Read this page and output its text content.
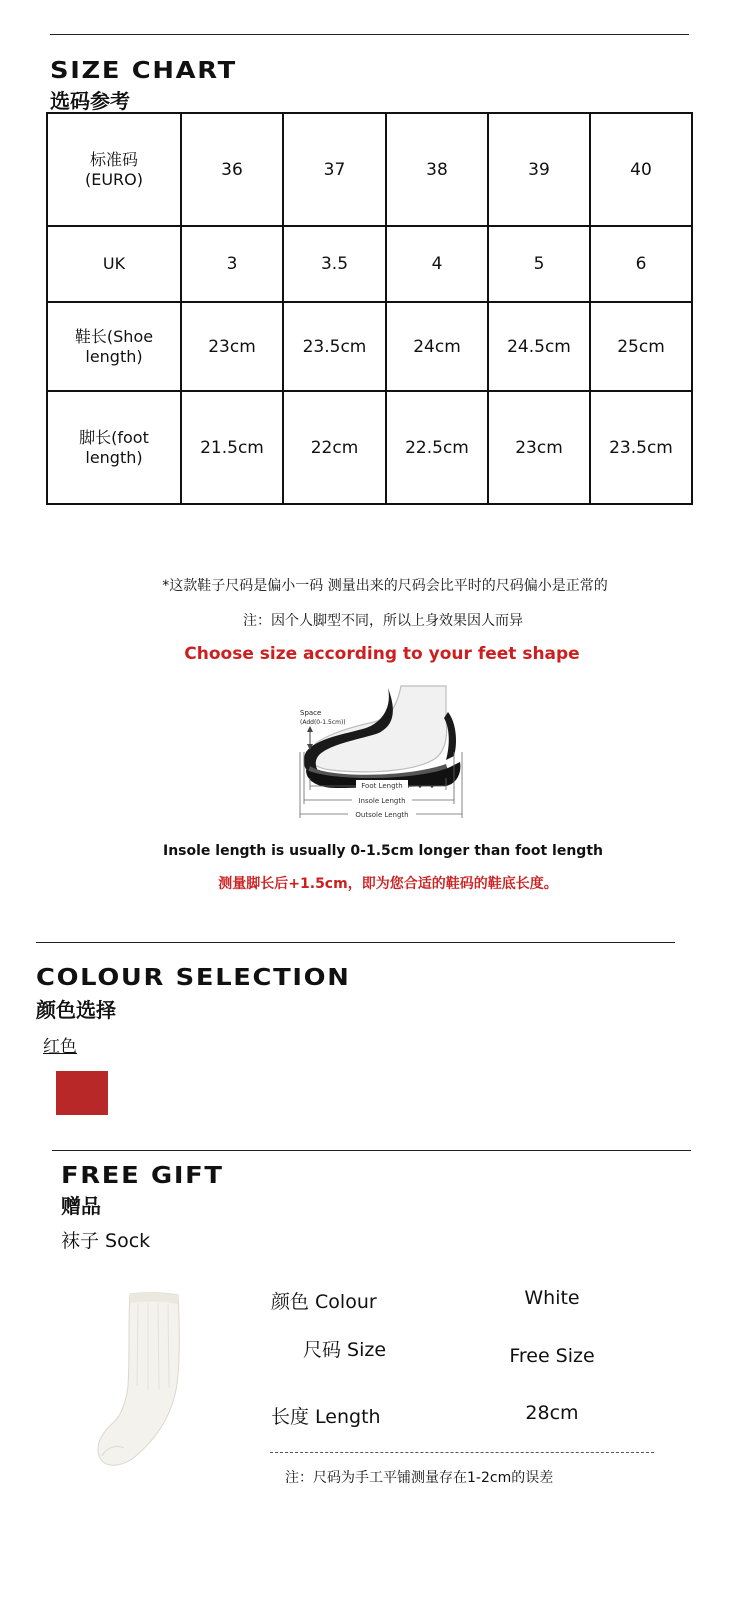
SIZE CHART
选码参考
标准码
(EURO)	36	37	38	39	40
UK	3	3.5	4	5	6
鞋长(Shoe
length)	23cm	23.5cm	24cm	24.5cm	25cm
脚长(foot
length)	21.5cm	22cm	22.5cm	23cm	23.5cm
*这款鞋子尺码是偏小一码 测量出来的尺码会比平时的尺码偏小是正常的
注：因个人脚型不同，所以上身效果因人而异
Choose size according to your feet shape
Space
(Add(0-1.5cm))
Foot Length
Insole Length
Outsole Length
Insole length is usually 0-1.5cm longer than foot length
测量脚长后+1.5cm，即为您合适的鞋码的鞋底长度。
COLOUR SELECTION
颜色选择
红色
FREE GIFT
赠品
袜子 Sock
颜色 Colour	White
尺码 Size	Free Size
长度 Length	28cm
注：尺码为手工平铺测量存在1-2cm的误差
